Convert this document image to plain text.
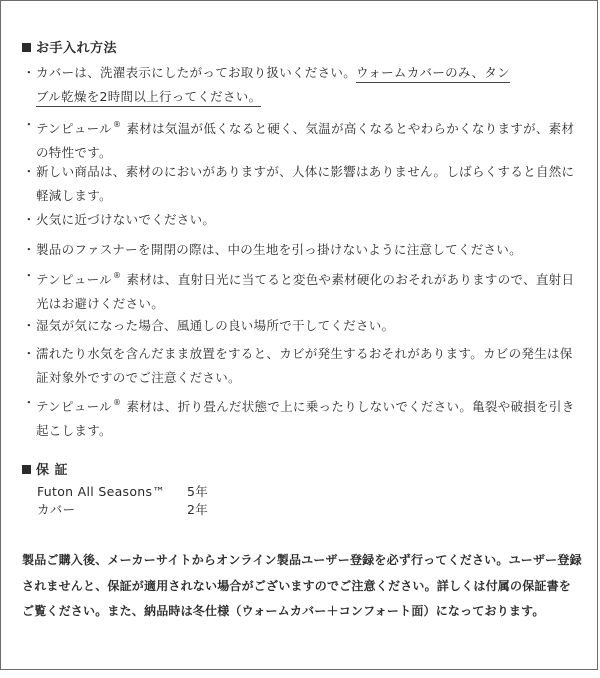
お手入れ方法
・ カバーは、洗濯表示にしたがってお取り扱いください。ウォームカバーのみ、タン
ブル乾燥を2時間以上行ってください。
・ テンピュール® 素材は気温が低くなると硬く、気温が高くなるとやわらかくなりますが、素材の特性です。
・ 新しい商品は、素材のにおいがありますが、人体に影響はありません。しばらくすると自然に軽減します。
・ 火気に近づけないでください。
・ 製品のファスナーを開閉の際は、中の生地を引っ掛けないように注意してください。
・ テンピュール® 素材は、直射日光に当てると変色や素材硬化のおそれがありますので、直射日光はお避けください。
・ 湿気が気になった場合、風通しの良い場所で干してください。
・ 濡れたり水気を含んだまま放置をすると、カビが発生するおそれがあります。カビの発生は保証対象外ですのでご注意ください。
・ テンピュール® 素材は、折り畳んだ状態で上に乗ったりしないでください。亀裂や破損を引き起こします。
保 証
Futon All Seasons™ 5年
カバー	2年
製品ご購入後、メーカーサイトからオンライン製品ユーザー登録を必ず行ってください。ユーザー登録されませんと、保証が適用されない場合がございますのでご注意ください。詳しくは付属の保証書をご覧ください。また、納品時は冬仕様（ウォームカバー＋コンフォート面）になっております。
